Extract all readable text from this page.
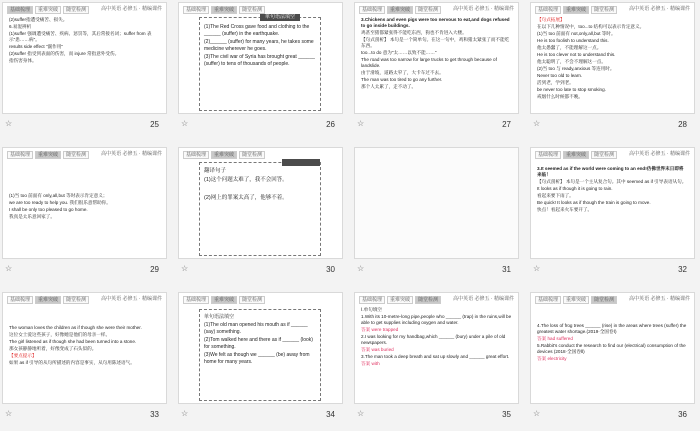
基础梳理	重难突破	随堂检测	高中英语 必修五 · 精编课件

(2)suffer指遭受痛苦、损失。

6.易混辨析

(1)suffer 强调遭受痛苦、疾病、惩罚等，其后常接名词；suffer from 表示"患……病"。

results side effect "副作用"

(2)suffer 指受到表面的伤害，而 injure 常指意外受伤。

指伤害身体。

☆	25
基础梳理	重难突破	随堂检测
单句语法填空

(1)The Red Cross gave food and clothing to the ______ (suffer) in the earthquake.

(2)______ (suffer) for many years, he takes some medicine wherever he goes.

(3)The civil war of Syria has brought great ______ (suffer) to tens of thousands of people.

☆	26
基础梳理	重难突破	随堂检测	高中英语 必修五 · 精编课件

3.Chickens and even pigs were too nervous to eat,and dogs refused to go inside buildings.

鸡甚至猪都紧张得不能吃东西，狗也不肯进入大楼。

【句式剖析】 本句是一个简单句。在这一句中，鸡和猪太紧张了而不能吃东西。

too...to do 意为"太……以致不能……"

The road was too narrow for large trucks to get through because of landslide.

由于滑坡，道路太窄了，大卡车过不去。

The man was too tired to go any further.

那个人太累了，走不动了。

☆	27
基础梳理	重难突破	随堂检测	高中英语 必修五 · 精编课件

【句式拓展】

在以下几种情况中，too...to 结构可以表示肯定意义。

(1)当 too 前面有 not,only,all,but 等时。

He is too foolish to understand this.

他太愚蠢了，不能理解这一点。

He is too clever not to understand this.

他太聪明了，不会不理解这一点。

(2)当 too 与 ready,anxious 等连用时。

Never too old to learn.

活到老，学到老。

be never too late to stop smoking.

戒烟什么时候都不晚。

☆	28
基础梳理	重难突破	随堂检测	高中英语 必修五 · 精编课件

(1)当 too 前面有 only,all,but 等时表示肯定意义；

we are too ready to help you. 我们很乐意帮助你。

I shall be only too pleased to go home.

我真是太乐意回家了。

☆	29
基础梳理	重难突破	随堂检测

翻译句子

(1)这个问题太难了，我不会回答。

(2)网上的罪案太高了，他够不着。

☆	30	☆	31
基础梳理	重难突破	随堂检测	高中英语 必修五 · 精编课件

3.It seemed as if the world were coming to an end!仿佛世界末日即将来临！

【句式剖析】 本句是一个主从复合句。其中 seemed as if 引导表语从句。

It looks as if though it is going to rain.

看起来要下雨了。

Be quick! It looks as if though the train is going to move.

快点！看起来火车要开了。

☆	32
基础梳理	重难突破	随堂检测	高中英语 必修五 · 精编课件

The woman loves the children as if though she were their mother.

这位女士爱这些孩子，好像她是他们的母亲一样。

The girl listened as if though she had been turned into a stone.

那女孩静静地听着，好像变成了石头似的。

【要点提示】

如果 as if 引导的从句所描述的内容是事实，从句用陈述语气。

☆	33
基础梳理	重难突破	随堂检测

单句语法填空

(1)The old man opened his mouth as if ______ (say) something.

(2)Tom walked here and there as if ______ (look) for something.

(3)We felt as though we ______ (be) away from home for many years.

☆	34
基础梳理	重难突破	随堂检测	高中英语 必修五 · 精编课件

Ⅰ.单句填空

1.With its 10-metre-long pipe,people who ______ (trap) in the ruins,will be able to get supplies including oxygen and water.

答案 were trapped

2.I was looking for my handbag,which ______ (bury) under a pile of old newspapers.

答案 was buried

3.The man took a deep breath and sat up slowly and ______ great effort.

答案 with

☆	35
基础梳理	重难突破	随堂检测	高中英语 必修五 · 精编课件

4.The loss of frog trees ______ (rise) in the areas where trees (suffer) the greatest water shortage.(2019·全国卷Ⅰ)

答案 had suffered

5.Rabbit's conduct the research to find our (electrical) consumption of the devices (2018·全国卷Ⅱ)

答案 electricity

☆	36
